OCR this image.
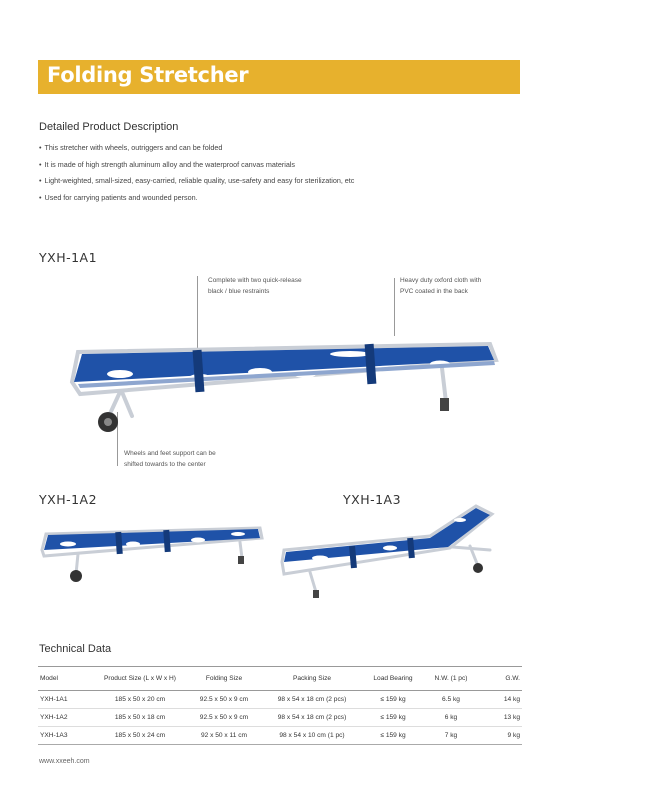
Folding Stretcher
Detailed Product Description
• This stretcher with wheels, outriggers and can be folded
• It is made of high strength aluminum alloy and the waterproof canvas materials
• Light-weighted, small-sized, easy-carried, reliable quality, use-safety and easy for sterilization, etc
• Used for carrying patients and wounded person.
YXH-1A1
Complete with two quick-release
black / blue restraints
Heavy duty oxford cloth with
PVC coated in the back
Wheels and feet support can be
shifted towards to the center
YXH-1A2	YXH-1A3
Technical Data
Model	Product Size (L x W x H)	Folding Size	Packing Size	Load Bearing	N.W. (1 pc)	G.W.
YXH-1A1	185 x 50 x 20 cm	92.5 x 50 x 9 cm	98 x 54 x 18 cm (2 pcs)	≤ 159 kg	6.5 kg	14 kg
YXH-1A2	185 x 50 x 18 cm	92.5 x 50 x 9 cm	98 x 54 x 18 cm (2 pcs)	≤ 159 kg	6 kg	13 kg
YXH-1A3	185 x 50 x 24 cm	92 x 50 x 11 cm	98 x 54 x 10 cm (1 pc)	≤ 159 kg	7 kg	9 kg
www.xxeeh.com
